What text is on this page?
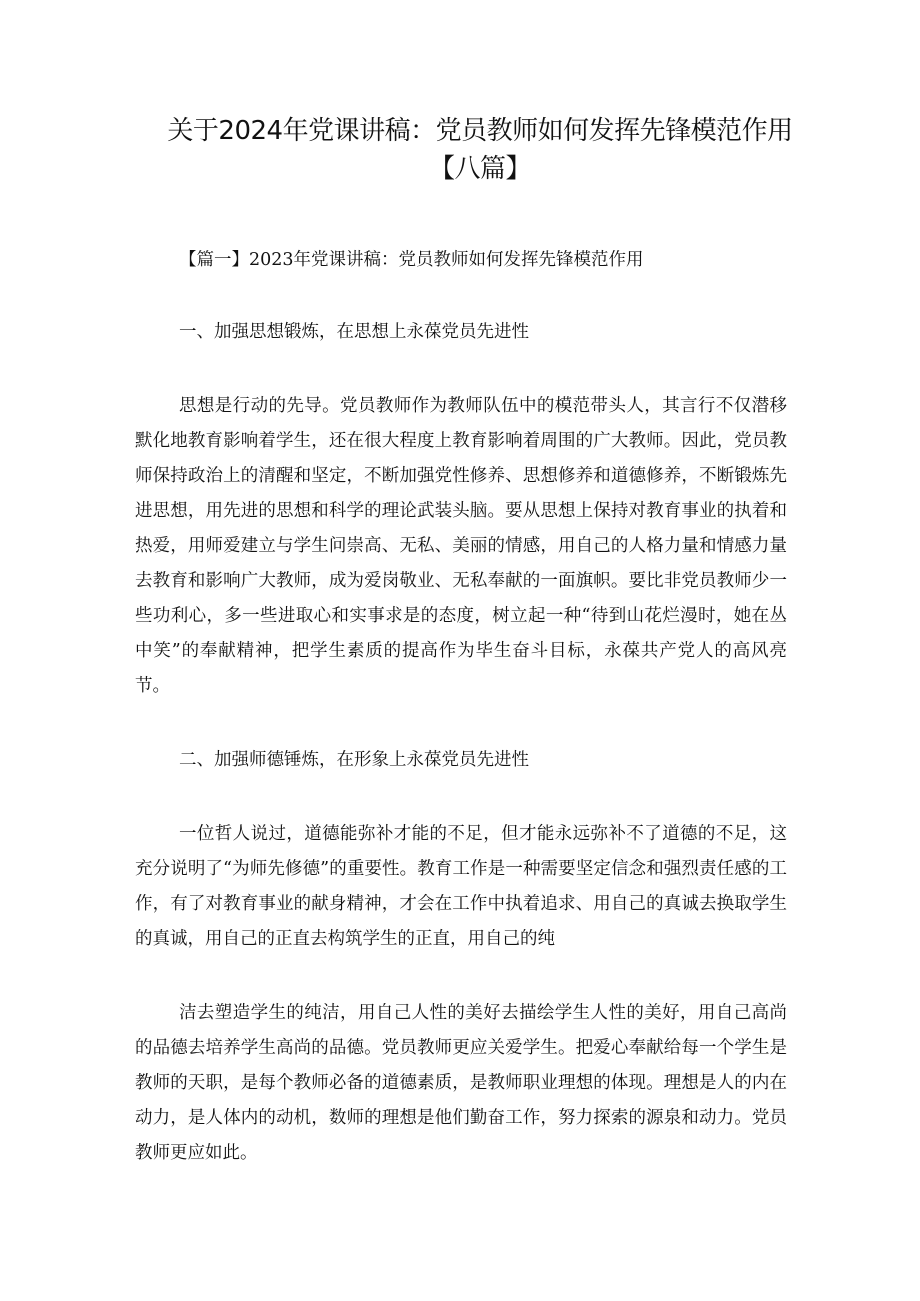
关于2024年党课讲稿：党员教师如何发挥先锋模范作用
【八篇】

【篇一】2023年党课讲稿：党员教师如何发挥先锋模范作用

一、加强思想锻炼，在思想上永葆党员先进性

思想是行动的先导。党员教师作为教师队伍中的模范带头人，其言行不仅潜移默化地教育影响着学生，还在很大程度上教育影响着周围的广大教师。因此，党员教师保持政治上的清醒和坚定，不断加强党性修养、思想修养和道德修养，不断锻炼先进思想，用先进的思想和科学的理论武装头脑。要从思想上保持对教育事业的执着和热爱，用师爱建立与学生问崇高、无私、美丽的情感，用自己的人格力量和情感力量去教育和影响广大教师，成为爱岗敬业、无私奉献的一面旗帜。要比非党员教师少一些功利心，多一些进取心和实事求是的态度，树立起一种“待到山花烂漫时，她在丛中笑”的奉献精神，把学生素质的提高作为毕生奋斗目标，永葆共产党人的高风亮节。

二、加强师德锤炼，在形象上永葆党员先进性

一位哲人说过，道德能弥补才能的不足，但才能永远弥补不了道德的不足，这充分说明了“为师先修德”的重要性。教育工作是一种需要坚定信念和强烈责任感的工作，有了对教育事业的献身精神，才会在工作中执着追求、用自己的真诚去换取学生的真诚，用自己的正直去构筑学生的正直，用自己的纯

洁去塑造学生的纯洁，用自己人性的美好去描绘学生人性的美好，用自己高尚的品德去培养学生高尚的品德。党员教师更应关爱学生。把爱心奉献给每一个学生是教师的天职，是每个教师必备的道德素质，是教师职业理想的体现。理想是人的内在动力，是人体内的动机，数师的理想是他们勤奋工作，努力探索的源泉和动力。党员教师更应如此。
